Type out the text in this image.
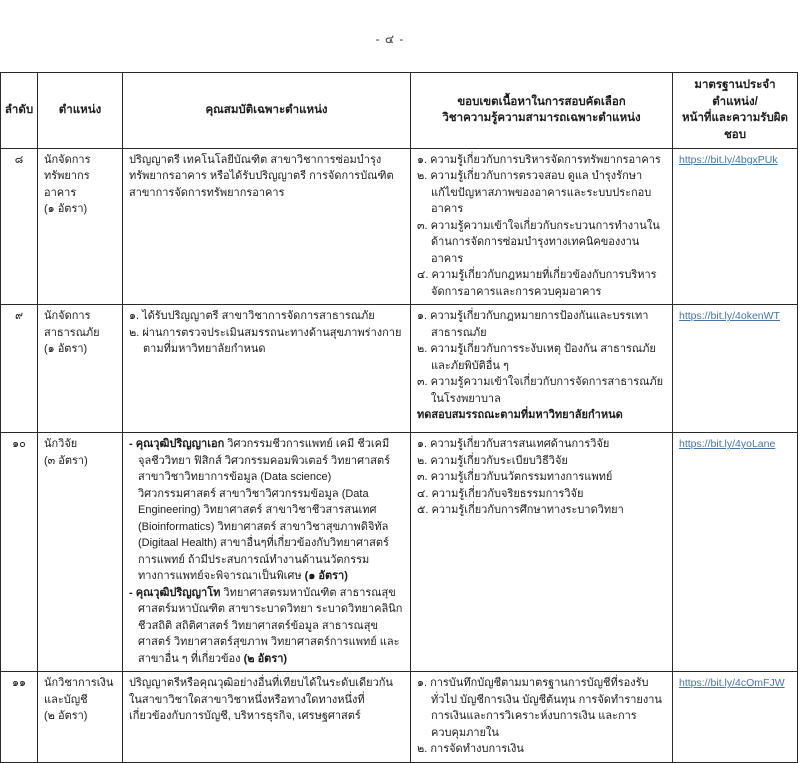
- ๔ -
ลำดับ	ตำแหน่ง	คุณสมบัติเฉพาะตำแหน่ง	
ขอบเขตเนื้อหาในการสอบคัดเลือก
วิชาความรู้ความสามารถเฉพาะตำแหน่ง

มาตรฐานประจำตำแหน่ง/
หน้าที่และความรับผิดชอบ

๘	นักจัดการ
ทรัพยากรอาคาร
(๑ อัตรา)

ปริญญาตรี เทคโนโลยีบัณฑิต สาขาวิชาการซ่อมบำรุงทรัพยากรอาคาร หรือได้รับปริญญาตรี การจัดการบัณฑิต สาขาการจัดการทรัพยากรอาคาร

๑. ความรู้เกี่ยวกับการบริหารจัดการทรัพยากรอาคาร
๒. ความรู้เกี่ยวกับการตรวจสอบ ดูแล บำรุงรักษา แก้ไขปัญหาสภาพของอาคารและระบบประกอบอาคาร
๓. ความรู้ความเข้าใจเกี่ยวกับกระบวนการทำงานในด้านการจัดการซ่อมบำรุงทางเทคนิคของงานอาคาร
๔. ความรู้เกี่ยวกับกฎหมายที่เกี่ยวข้องกับการบริหารจัดการอาคารและการควบคุมอาคาร
	https://bit.ly/4bgxPUk
๙	นักจัดการ
สาธารณภัย
(๑ อัตรา)

๑. ได้รับปริญญาตรี สาขาวิชาการจัดการสาธารณภัย
๒. ผ่านการตรวจประเมินสมรรถนะทางด้านสุขภาพร่างกาย ตามที่มหาวิทยาลัยกำหนด

๑. ความรู้เกี่ยวกับกฎหมายการป้องกันและบรรเทาสาธารณภัย
๒. ความรู้เกี่ยวกับการระงับเหตุ ป้องกัน สาธารณภัย และภัยพิบัติอื่น ๆ
๓. ความรู้ความเข้าใจเกี่ยวกับการจัดการสาธารณภัยในโรงพยาบาล
ทดสอบสมรรถณะตามที่มหาวิทยาลัยกำหนด
	https://bit.ly/4okenWT
๑๐	นักวิจัย
(๓ อัตรา)

- คุณวุฒิปริญญาเอก วิศวกรรมชีวการแพทย์ เคมี ชีวเคมี จุลชีววิทยา ฟิสิกส์ วิศวกรรมคอมพิวเตอร์ วิทยาศาสตร์ สาขาวิชาวิทยาการข้อมูล (Data science) วิศวกรรมศาสตร์ สาขาวิชาวิศวกรรมข้อมูล (Data Engineering) วิทยาศาสตร์ สาขาวิชาชีวสารสนเทศ (Bioinformatics) วิทยาศาสตร์ สาขาวิชาสุขภาพดิจิทัล (Digitaal Health) สาขาอื่นๆที่เกี่ยวข้องกับวิทยาศาสตร์การแพทย์ ถ้ามีประสบการณ์ทำงานด้านนวัตกรรมทางการแพทย์จะพิจารณาเป็นพิเศษ (๑ อัตรา)
- คุณวุฒิปริญญาโท วิทยาศาสตรมหาบัณฑิต สาธารณสุขศาสตร์มหาบัณฑิต สาขาระบาดวิทยา ระบาดวิทยาคลินิก ชีวสถิติ สถิติศาสตร์ วิทยาศาสตร์ข้อมูล สาธารณสุขศาสตร์ วิทยาศาสตร์สุขภาพ วิทยาศาสตร์การแพทย์ และสาขาอื่น ๆ ที่เกี่ยวข้อง (๒ อัตรา)

๑. ความรู้เกี่ยวกับสารสนเทศด้านการวิจัย
๒. ความรู้เกี่ยวกับระเบียบวิธีวิจัย
๓. ความรู้เกี่ยวกับนวัตกรรมทางการแพทย์
๔. ความรู้เกี่ยวกับจริยธรรมการวิจัย
๕. ความรู้เกี่ยวกับการศึกษาทางระบาดวิทยา
	https://bit.ly/4yoLane
๑๑	นักวิชาการเงิน
และบัญชี
(๒ อัตรา)

ปริญญาตรีหรือคุณวุฒิอย่างอื่นที่เทียบได้ในระดับเดียวกันในสาขาวิชาใดสาขาวิชาหนึ่งหรือทางใดทางหนึ่งที่เกี่ยวข้องกับการบัญชี, บริหารธุรกิจ, เศรษฐศาสตร์

๑. การบันทึกบัญชีตามมาตรฐานการบัญชีที่รองรับทั่วไป บัญชีการเงิน บัญชีต้นทุน การจัดทำรายงาน การเงินและการวิเคราะห์งบการเงิน และการควบคุมภายใน
๒. การจัดทำงบการเงิน
	https://bit.ly/4cOmFJW
